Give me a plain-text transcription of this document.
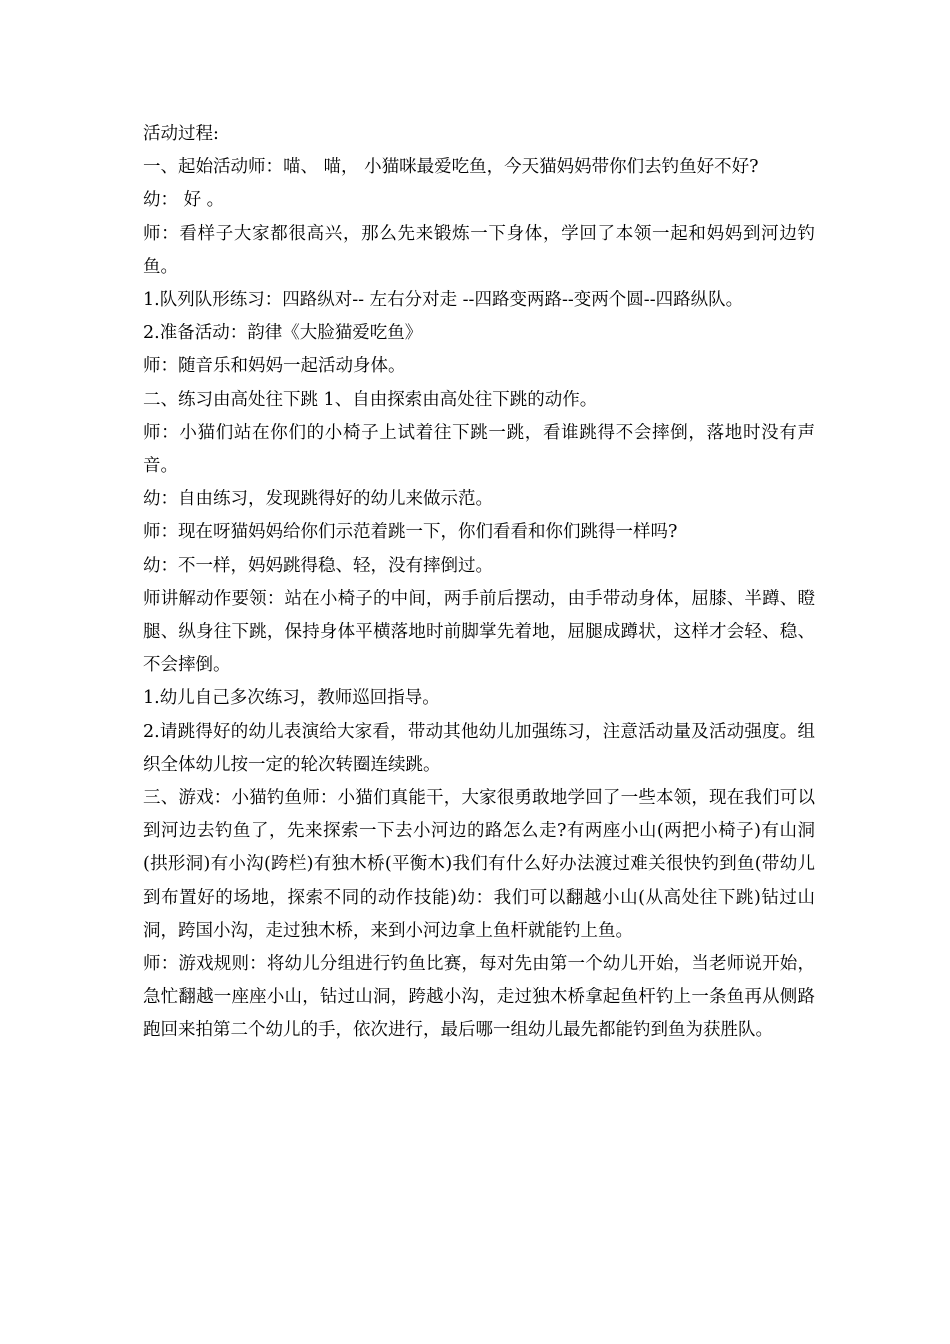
活动过程:

一、起始活动师：喵、 喵， 小猫咪最爱吃鱼，今天猫妈妈带你们去钓鱼好不好?

幼： 好 。

师：看样子大家都很高兴，那么先来锻炼一下身体，学回了本领一起和妈妈到河边钓鱼。

1.队列队形练习：四路纵对-- 左右分对走 --四路变两路--变两个圆--四路纵队。

2.准备活动：韵律《大脸猫爱吃鱼》

师：随音乐和妈妈一起活动身体。

二、练习由高处往下跳 1、自由探索由高处往下跳的动作。

师：小猫们站在你们的小椅子上试着往下跳一跳，看谁跳得不会摔倒，落地时没有声音。

幼：自由练习，发现跳得好的幼儿来做示范。

师：现在呀猫妈妈给你们示范着跳一下，你们看看和你们跳得一样吗?

幼：不一样，妈妈跳得稳、轻，没有摔倒过。

师讲解动作要领：站在小椅子的中间，两手前后摆动，由手带动身体，屈膝、半蹲、瞪腿、纵身往下跳，保持身体平横落地时前脚掌先着地，屈腿成蹲状，这样才会轻、稳、不会摔倒。

1.幼儿自己多次练习，教师巡回指导。

2.请跳得好的幼儿表演给大家看，带动其他幼儿加强练习，注意活动量及活动强度。组织全体幼儿按一定的轮次转圈连续跳。

三、游戏：小猫钓鱼师：小猫们真能干，大家很勇敢地学回了一些本领，现在我们可以到河边去钓鱼了，先来探索一下去小河边的路怎么走?有两座小山(两把小椅子)有山洞(拱形洞)有小沟(跨栏)有独木桥(平衡木)我们有什么好办法渡过难关很快钓到鱼(带幼儿到布置好的场地，探索不同的动作技能)幼：我们可以翻越小山(从高处往下跳)钻过山洞，跨国小沟，走过独木桥，来到小河边拿上鱼杆就能钓上鱼。

师：游戏规则：将幼儿分组进行钓鱼比赛，每对先由第一个幼儿开始，当老师说开始，急忙翻越一座座小山，钻过山洞，跨越小沟，走过独木桥拿起鱼杆钓上一条鱼再从侧路跑回来拍第二个幼儿的手，依次进行，最后哪一组幼儿最先都能钓到鱼为获胜队。
